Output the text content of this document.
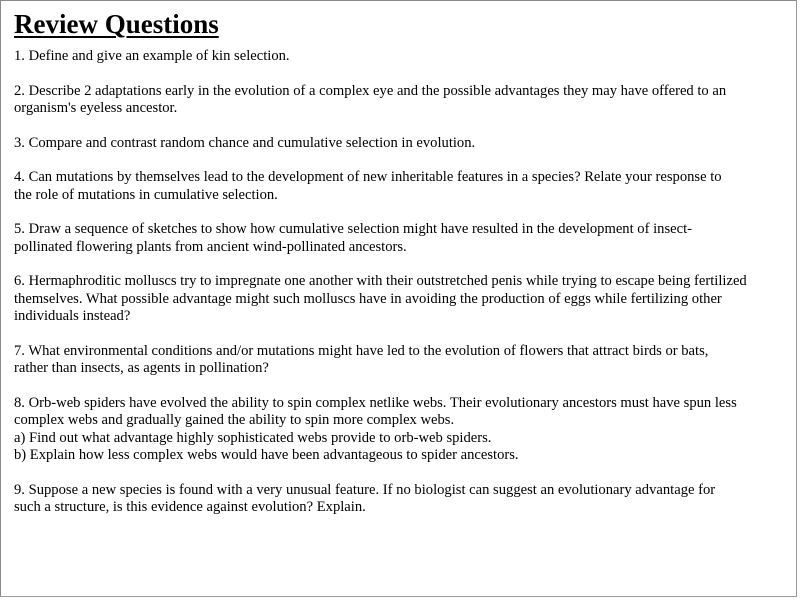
Review Questions
1. Define and give an example of kin selection.
2. Describe 2 adaptations early in the evolution of a complex eye and the possible advantages they may have offered to an
organism's eyeless ancestor.
3. Compare and contrast random chance and cumulative selection in evolution.
4. Can mutations by themselves lead to the development of new inheritable features in a species? Relate your response to
the role of mutations in cumulative selection.
5. Draw a sequence of sketches to show how cumulative selection might have resulted in the development of insect-
pollinated flowering plants from ancient wind-pollinated ancestors.
6. Hermaphroditic molluscs try to impregnate one another with their outstretched penis while trying to escape being fertilized
themselves. What possible advantage might such molluscs have in avoiding the production of eggs while fertilizing other
individuals instead?
7. What environmental conditions and/or mutations might have led to the evolution of flowers that attract birds or bats,
rather than insects, as agents in pollination?
8. Orb-web spiders have evolved the ability to spin complex netlike webs. Their evolutionary ancestors must have spun less
complex webs and gradually gained the ability to spin more complex webs.
a) Find out what advantage highly sophisticated webs provide to orb-web spiders.
b) Explain how less complex webs would have been advantageous to spider ancestors.
9. Suppose a new species is found with a very unusual feature. If no biologist can suggest an evolutionary advantage for
such a structure, is this evidence against evolution? Explain.
